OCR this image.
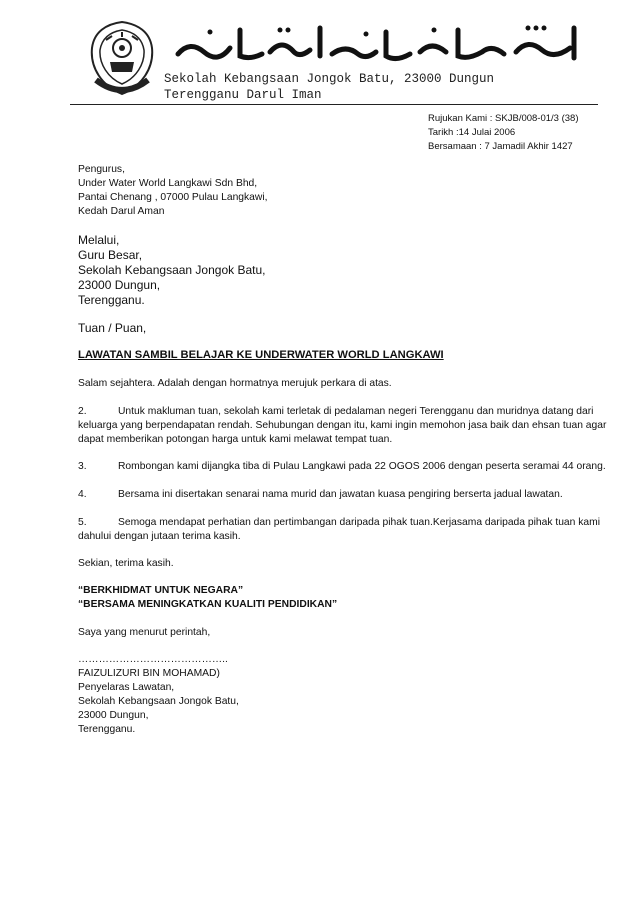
Sekolah Kebangsaan Jongok Batu, 23000 Dungun
Terengganu Darul Iman
Rujukan Kami : SKJB/008-01/3 (38)
Tarikh :14 Julai 2006
Bersamaan : 7 Jamadil Akhir 1427
Pengurus,
Under Water World Langkawi Sdn Bhd,
Pantai Chenang , 07000 Pulau Langkawi,
Kedah Darul Aman
Melalui,
Guru Besar,
Sekolah Kebangsaan Jongok Batu,
23000 Dungun,
Terengganu.
Tuan / Puan,
LAWATAN SAMBIL BELAJAR KE UNDERWATER WORLD LANGKAWI
Salam sejahtera. Adalah dengan hormatnya merujuk perkara di atas.
2.	Untuk makluman tuan, sekolah kami terletak di pedalaman negeri Terengganu dan muridnya datang dari
keluarga yang berpendapatan rendah. Sehubungan dengan itu, kami ingin memohon jasa baik dan ehsan tuan agar
dapat memberikan potongan harga untuk kami melawat tempat tuan.
3.	Rombongan kami dijangka tiba di Pulau Langkawi pada 22 OGOS 2006 dengan peserta seramai 44 orang.
4.	Bersama ini disertakan senarai nama murid dan jawatan kuasa pengiring berserta jadual lawatan.
5.	Semoga mendapat perhatian dan pertimbangan daripada pihak tuan.Kerjasama daripada pihak tuan kami
dahului dengan jutaan terima kasih.
Sekian, terima kasih.
“BERKHIDMAT UNTUK NEGARA”
“BERSAMA MENINGKATKAN KUALITI PENDIDIKAN”
Saya yang menurut perintah,
……………………………………..
FAIZULIZURI BIN MOHAMAD)
Penyelaras Lawatan,
Sekolah Kebangsaan Jongok Batu,
23000 Dungun,
Terengganu.
